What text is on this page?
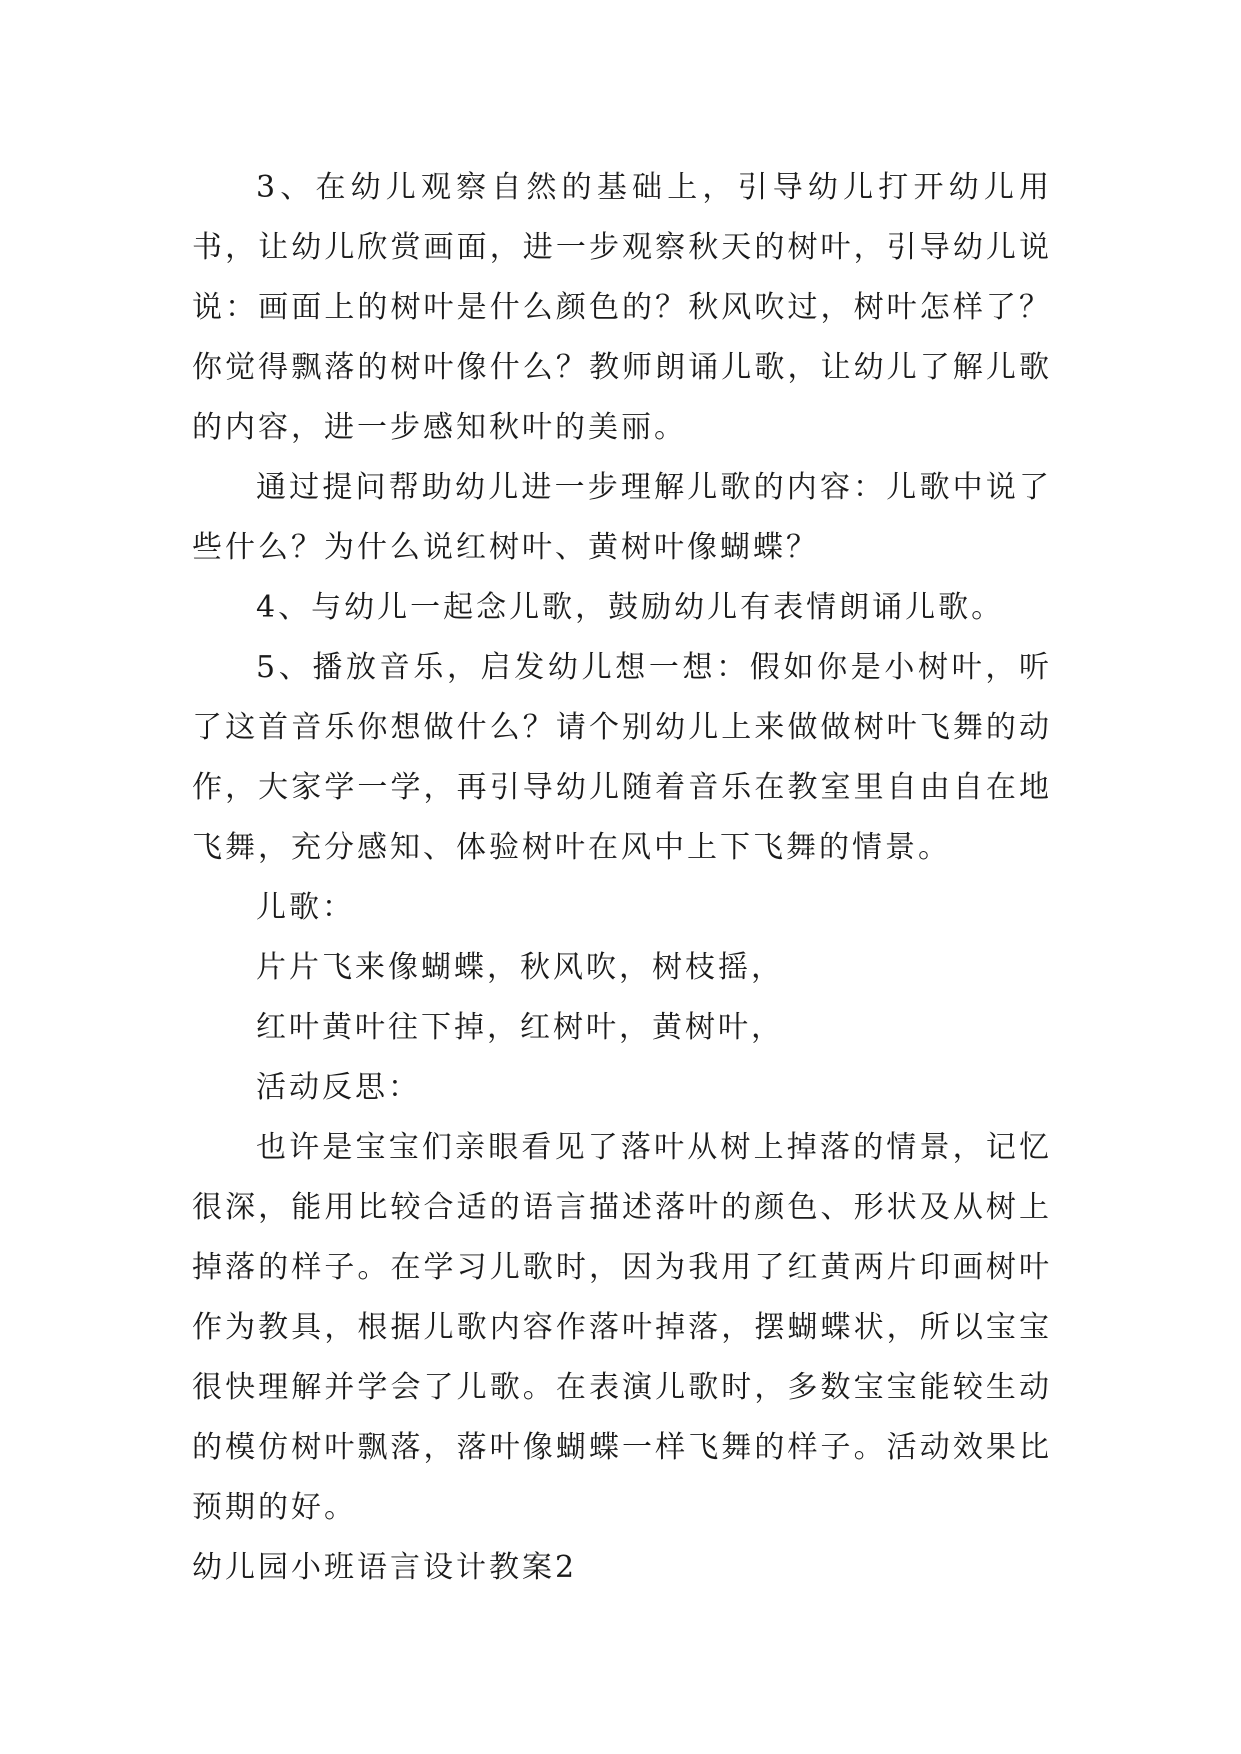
3、在幼儿观察自然的基础上，引导幼儿打开幼儿用书，让幼儿欣赏画面，进一步观察秋天的树叶，引导幼儿说说：画面上的树叶是什么颜色的？秋风吹过，树叶怎样了？你觉得飘落的树叶像什么？教师朗诵儿歌，让幼儿了解儿歌的内容，进一步感知秋叶的美丽。

通过提问帮助幼儿进一步理解儿歌的内容：儿歌中说了些什么？为什么说红树叶、黄树叶像蝴蝶？

4、与幼儿一起念儿歌，鼓励幼儿有表情朗诵儿歌。

5、播放音乐，启发幼儿想一想：假如你是小树叶，听了这首音乐你想做什么？请个别幼儿上来做做树叶飞舞的动作，大家学一学，再引导幼儿随着音乐在教室里自由自在地飞舞，充分感知、体验树叶在风中上下飞舞的情景。

儿歌：

片片飞来像蝴蝶，秋风吹，树枝摇，

红叶黄叶往下掉，红树叶，黄树叶，

活动反思：

也许是宝宝们亲眼看见了落叶从树上掉落的情景，记忆很深，能用比较合适的语言描述落叶的颜色、形状及从树上掉落的样子。在学习儿歌时，因为我用了红黄两片印画树叶作为教具，根据儿歌内容作落叶掉落，摆蝴蝶状，所以宝宝很快理解并学会了儿歌。在表演儿歌时，多数宝宝能较生动的模仿树叶飘落，落叶像蝴蝶一样飞舞的样子。活动效果比预期的好。

幼儿园小班语言设计教案2
